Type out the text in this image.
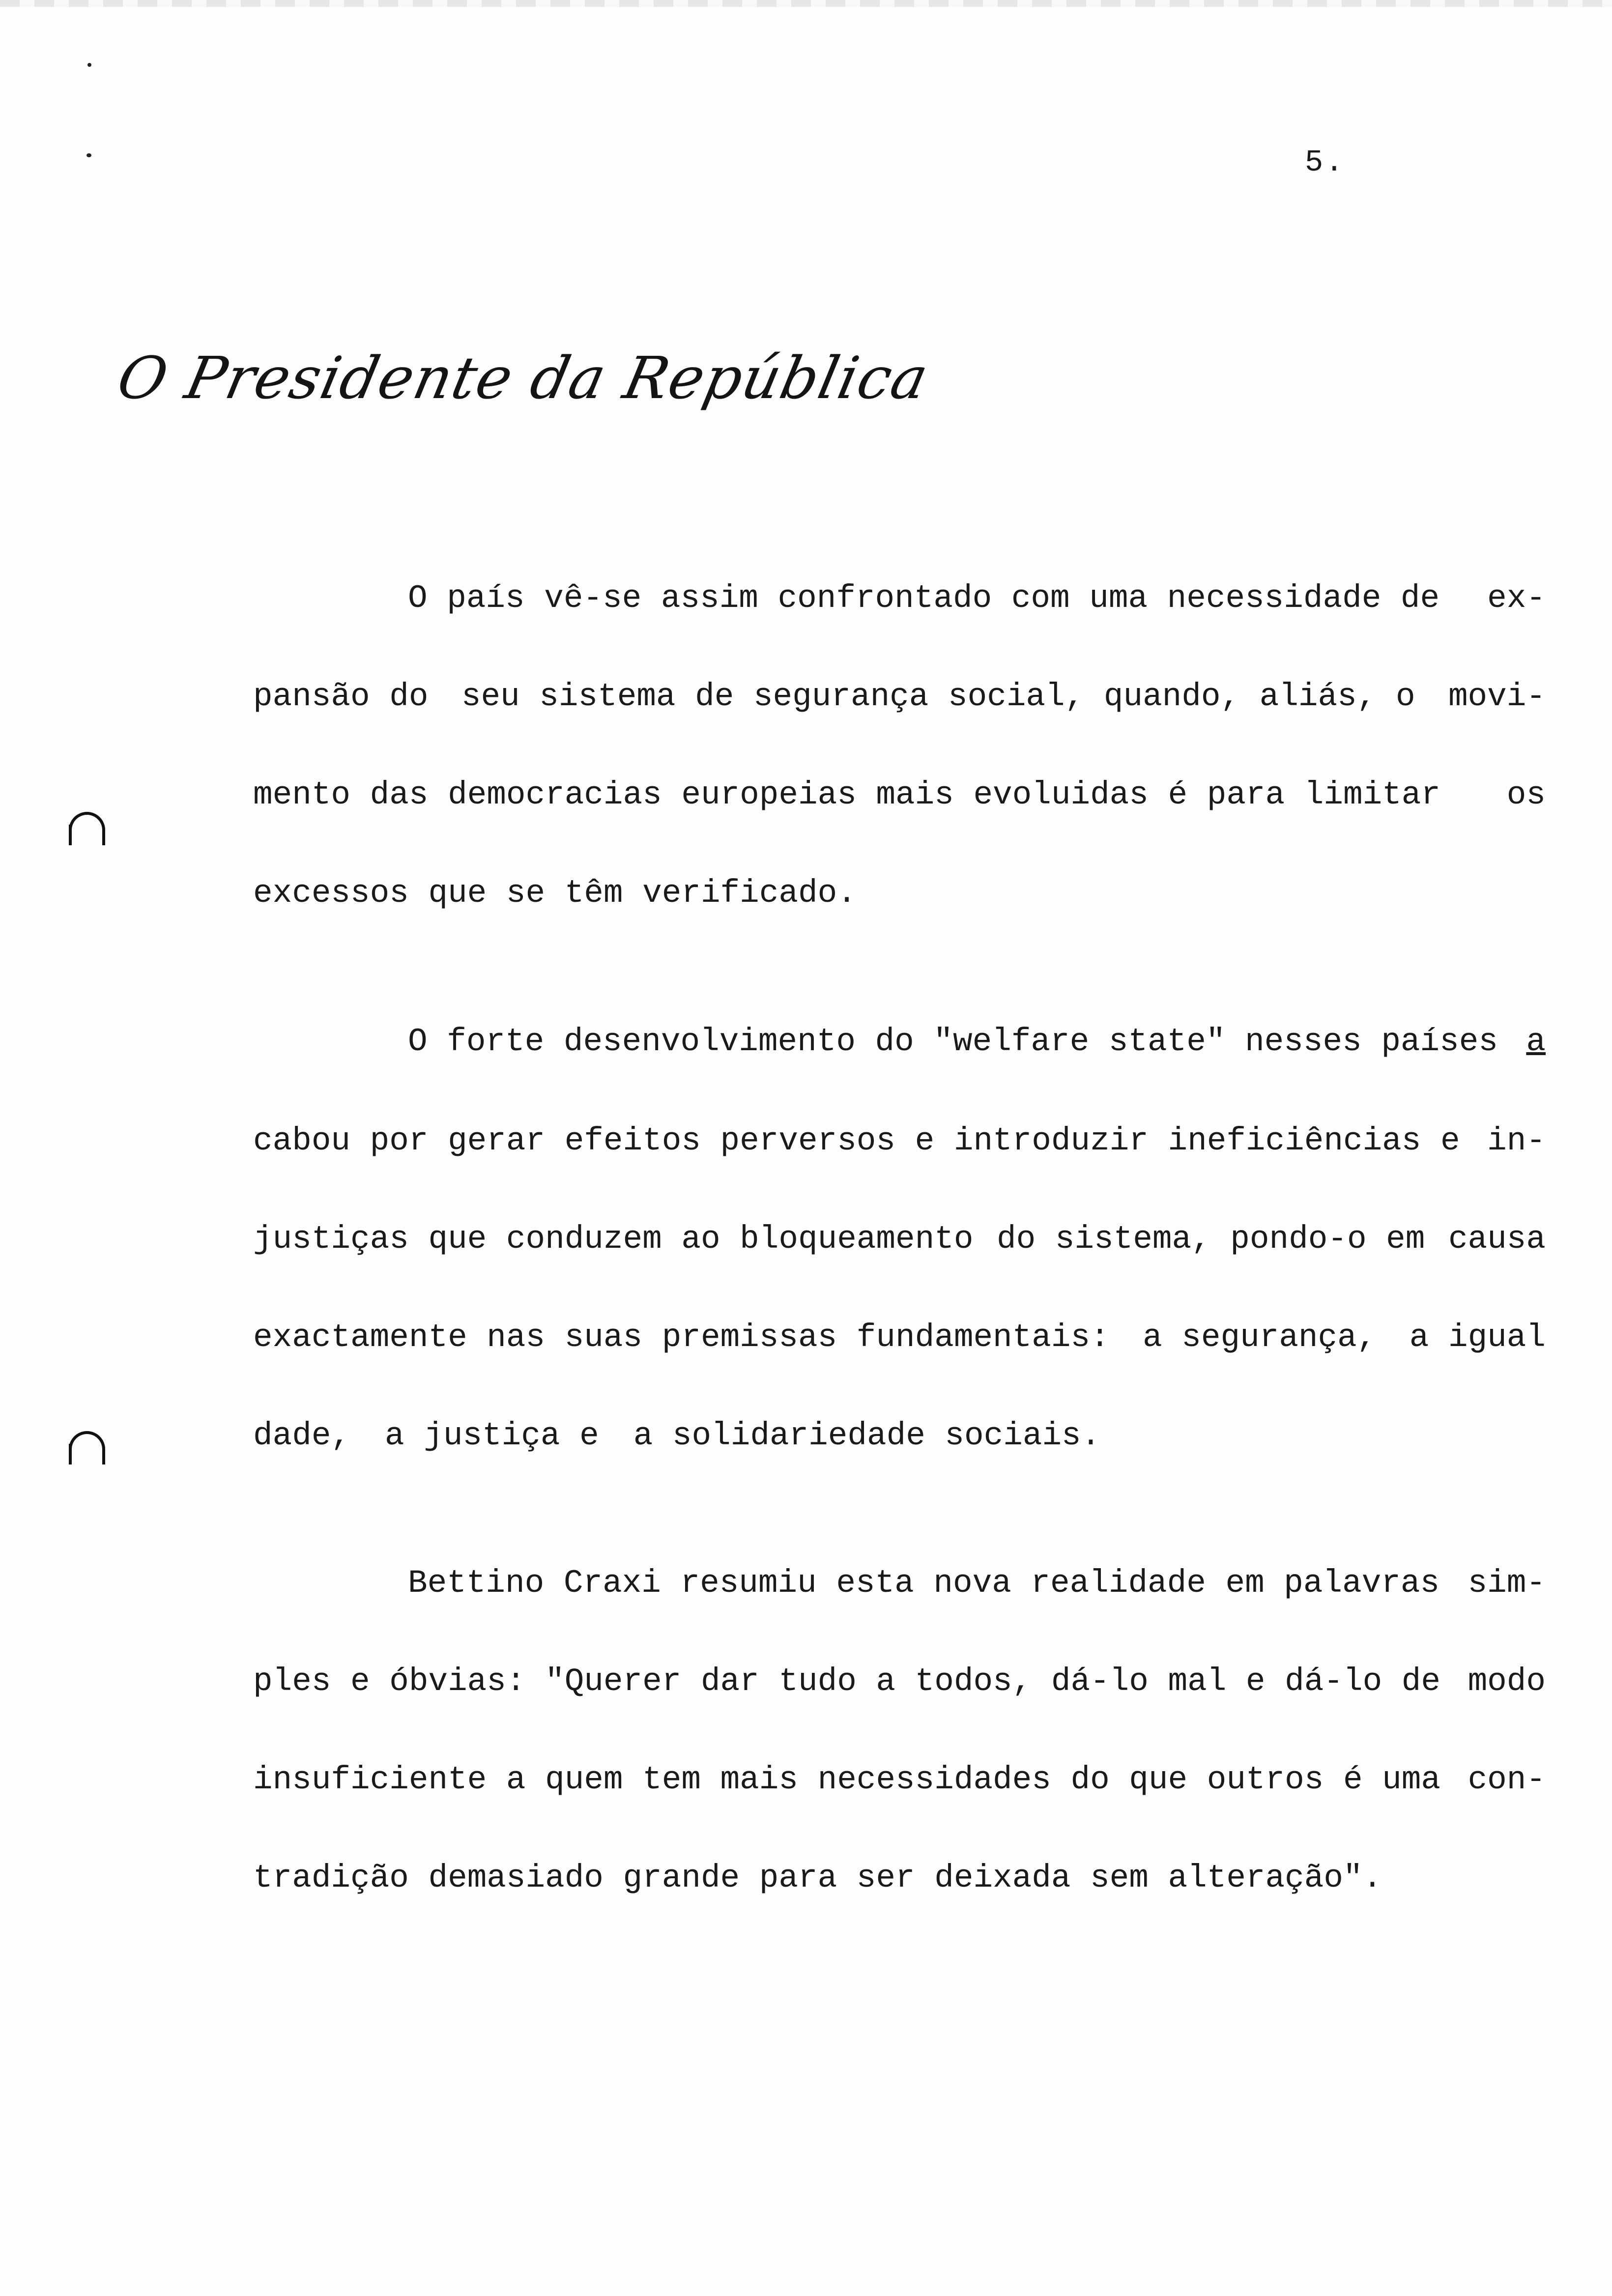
5.
O Presidente da República
O país vê-se assim confrontado com uma necessidade de ex-
pansão do seu sistema de segurança social, quando, aliás, o movi-
mento das democracias europeias mais evoluidas é para limitar os
excessos que se têm verificado.
O forte desenvolvimento do "welfare state" nesses países a
cabou por gerar efeitos perversos e introduzir ineficiências e in-
justiças que conduzem ao bloqueamento do sistema, pondo-o em causa
exactamente nas suas premissas fundamentais: a segurança, a igual
dade, a justiça e a solidariedade sociais.
Bettino Craxi resumiu esta nova realidade em palavras sim-
ples e óbvias: "Querer dar tudo a todos, dá-lo mal e dá-lo de modo
insuficiente a quem tem mais necessidades do que outros é uma con-
tradição demasiado grande para ser deixada sem alteração".
